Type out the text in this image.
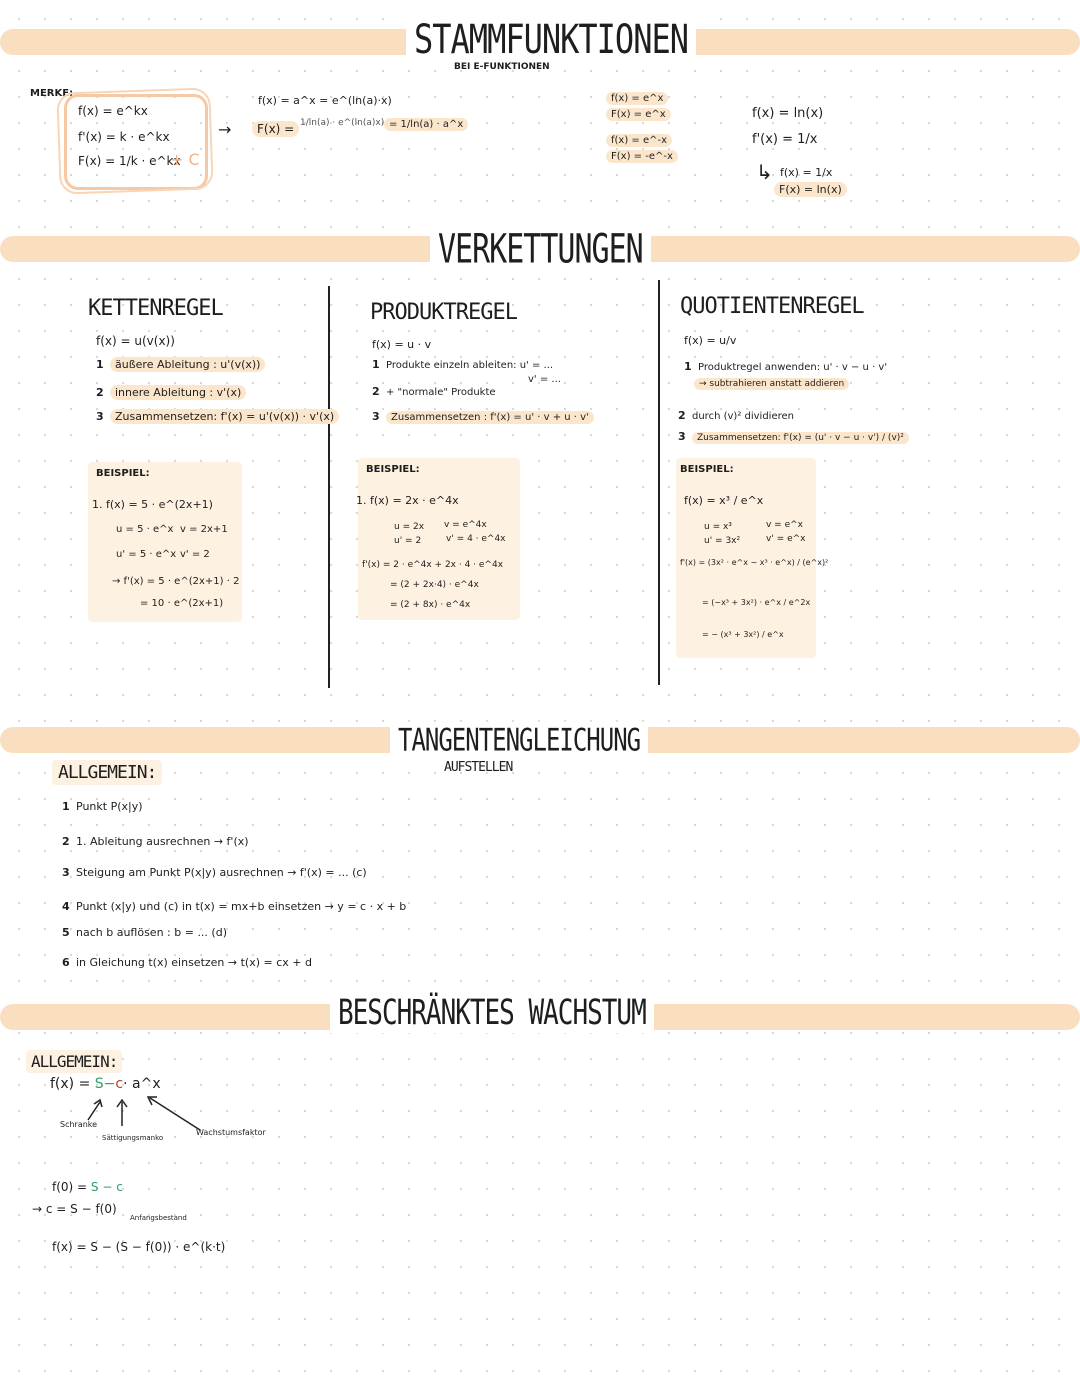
STAMMFUNKTIONEN
BEI E-FUNKTIONEN
MERKE:
f(x) = e^kx
f'(x) = k · e^kx
F(x) = 1/k · e^kx
+ C
→
f(x) = a^x = e^(ln(a)·x)
F(x) = 1/ln(a) · e^(ln(a)x) = 1/ln(a) · a^x
f(x) = e^x
F(x) = e^x
f(x) = e^-x
F(x) = -e^-x
f(x) = ln(x)
f'(x) = 1/x
↳ f(x) = 1/x
F(x) = ln(x)
VERKETTUNGEN
KETTENREGEL
f(x) = u(v(x))
1 äußere Ableitung : u'(v(x))
2 innere Ableitung : v'(x)
3 Zusammensetzen: f'(x) = u'(v(x)) · v'(x)
BEISPIEL:
1. f(x) = 5 · e^(2x+1)
u = 5 · e^x v = 2x+1
u' = 5 · e^x v' = 2
→ f'(x) = 5 · e^(2x+1) · 2
= 10 · e^(2x+1)
PRODUKTREGEL
f(x) = u · v
1 Produkte einzeln ableiten: u' = ...
v' = ...
2 + "normale" Produkte
3 Zusammensetzen : f'(x) = u' · v + u · v'
BEISPIEL:
1. f(x) = 2x · e^4x
u = 2x v = e^4x
u' = 2	v' = 4 · e^4x
f'(x) = 2 · e^4x + 2x · 4 · e^4x
= (2 + 2x·4) · e^4x
= (2 + 8x) · e^4x
QUOTIENTENREGEL
f(x) = u/v
1 Produktregel anwenden: u' · v − u · v'
→ subtrahieren anstatt addieren
2 durch (v)² dividieren
3 Zusammensetzen: f'(x) = (u' · v − u · v') / (v)²
BEISPIEL:
f(x) = x³ / e^x
u = x³	v = e^x
u' = 3x²	v' = e^x
f'(x) = (3x² · e^x − x³ · e^x) / (e^x)²
= (−x³ + 3x²) · e^x / e^2x
= − (x³ + 3x²) / e^x
TANGENTENGLEICHUNG
AUFSTELLEN
ALLGEMEIN:
1 Punkt P(x|y)
2 1. Ableitung ausrechnen → f'(x)
3 Steigung am Punkt P(x|y) ausrechnen → f'(x) = ... (c)
4 Punkt (x|y) und (c) in t(x) = mx+b einsetzen → y = c · x + b
5 nach b auflösen : b = ... (d)
6 in Gleichung t(x) einsetzen → t(x) = cx + d
BESCHRÄNKTES WACHSTUM
ALLGEMEIN:
f(x) = S−c· a^x
Schranke
Sättigungsmanko
Wachstumsfaktor
f(0) = S − c
→ c = S − f(0)
Anfangsbestand
f(x) = S − (S − f(0)) · e^(k·t)
